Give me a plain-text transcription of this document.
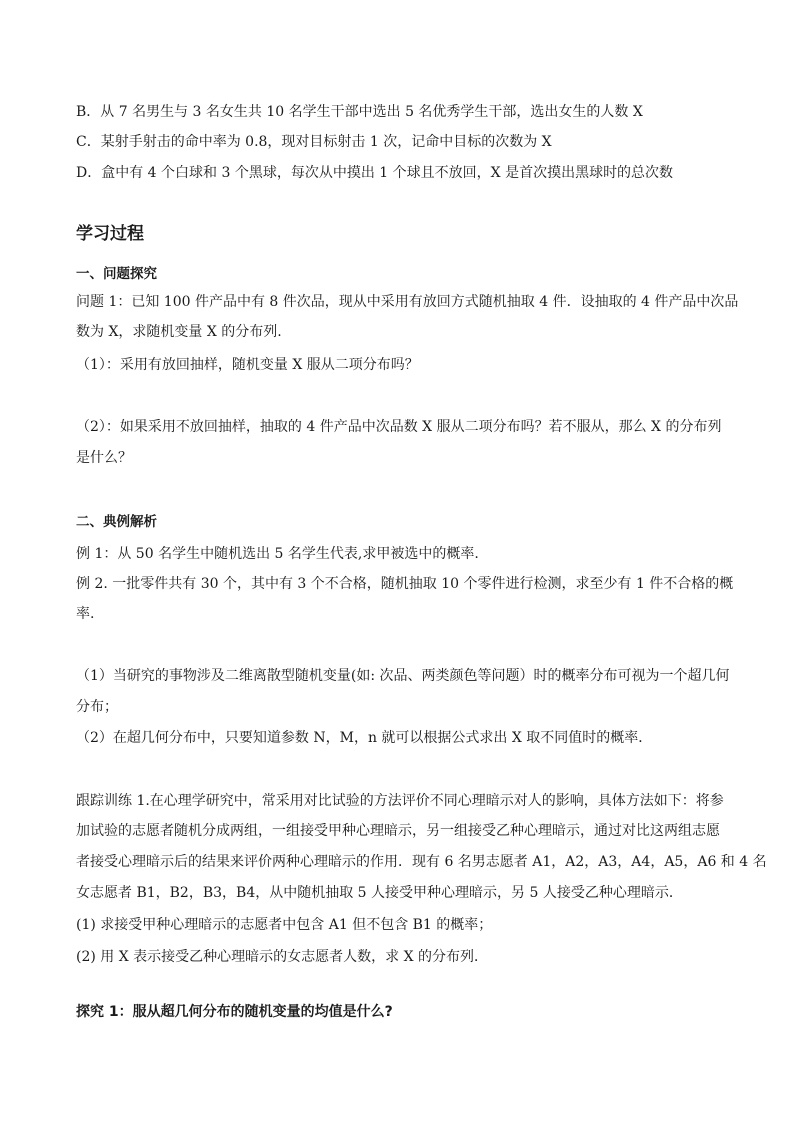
B．从 7 名男生与 3 名女生共 10 名学生干部中选出 5 名优秀学生干部，选出女生的人数 X
C．某射手射击的命中率为 0.8，现对目标射击 1 次，记命中目标的次数为 X
D．盒中有 4 个白球和 3 个黑球，每次从中摸出 1 个球且不放回，X 是首次摸出黑球时的总次数
学习过程
一、问题探究
问题 1：已知 100 件产品中有 8 件次品，现从中采用有放回方式随机抽取 4 件．设抽取的 4 件产品中次品
数为 X，求随机变量 X 的分布列.
（1）：采用有放回抽样，随机变量 X 服从二项分布吗？
（2）：如果采用不放回抽样，抽取的 4 件产品中次品数 X 服从二项分布吗？若不服从，那么 X 的分布列
是什么？
二、典例解析
例 1：从 50 名学生中随机选出 5 名学生代表,求甲被选中的概率.
例 2. 一批零件共有 30 个，其中有 3 个不合格，随机抽取 10 个零件进行检测，求至少有 1 件不合格的概
率.
（1）当研究的事物涉及二维离散型随机变量(如: 次品、两类颜色等问题）时的概率分布可视为一个超几何
分布；
（2）在超几何分布中，只要知道参数 N，M，n 就可以根据公式求出 X 取不同值时的概率．
跟踪训练 1.在心理学研究中，常采用对比试验的方法评价不同心理暗示对人的影响，具体方法如下：将参
加试验的志愿者随机分成两组，一组接受甲种心理暗示，另一组接受乙种心理暗示，通过对比这两组志愿
者接受心理暗示后的结果来评价两种心理暗示的作用．现有 6 名男志愿者 A1，A2，A3，A4，A5，A6 和 4 名
女志愿者 B1，B2，B3，B4，从中随机抽取 5 人接受甲种心理暗示，另 5 人接受乙种心理暗示．
(1) 求接受甲种心理暗示的志愿者中包含 A1 但不包含 B1 的概率；
(2) 用 X 表示接受乙种心理暗示的女志愿者人数，求 X 的分布列．
探究 1：服从超几何分布的随机变量的均值是什么?
